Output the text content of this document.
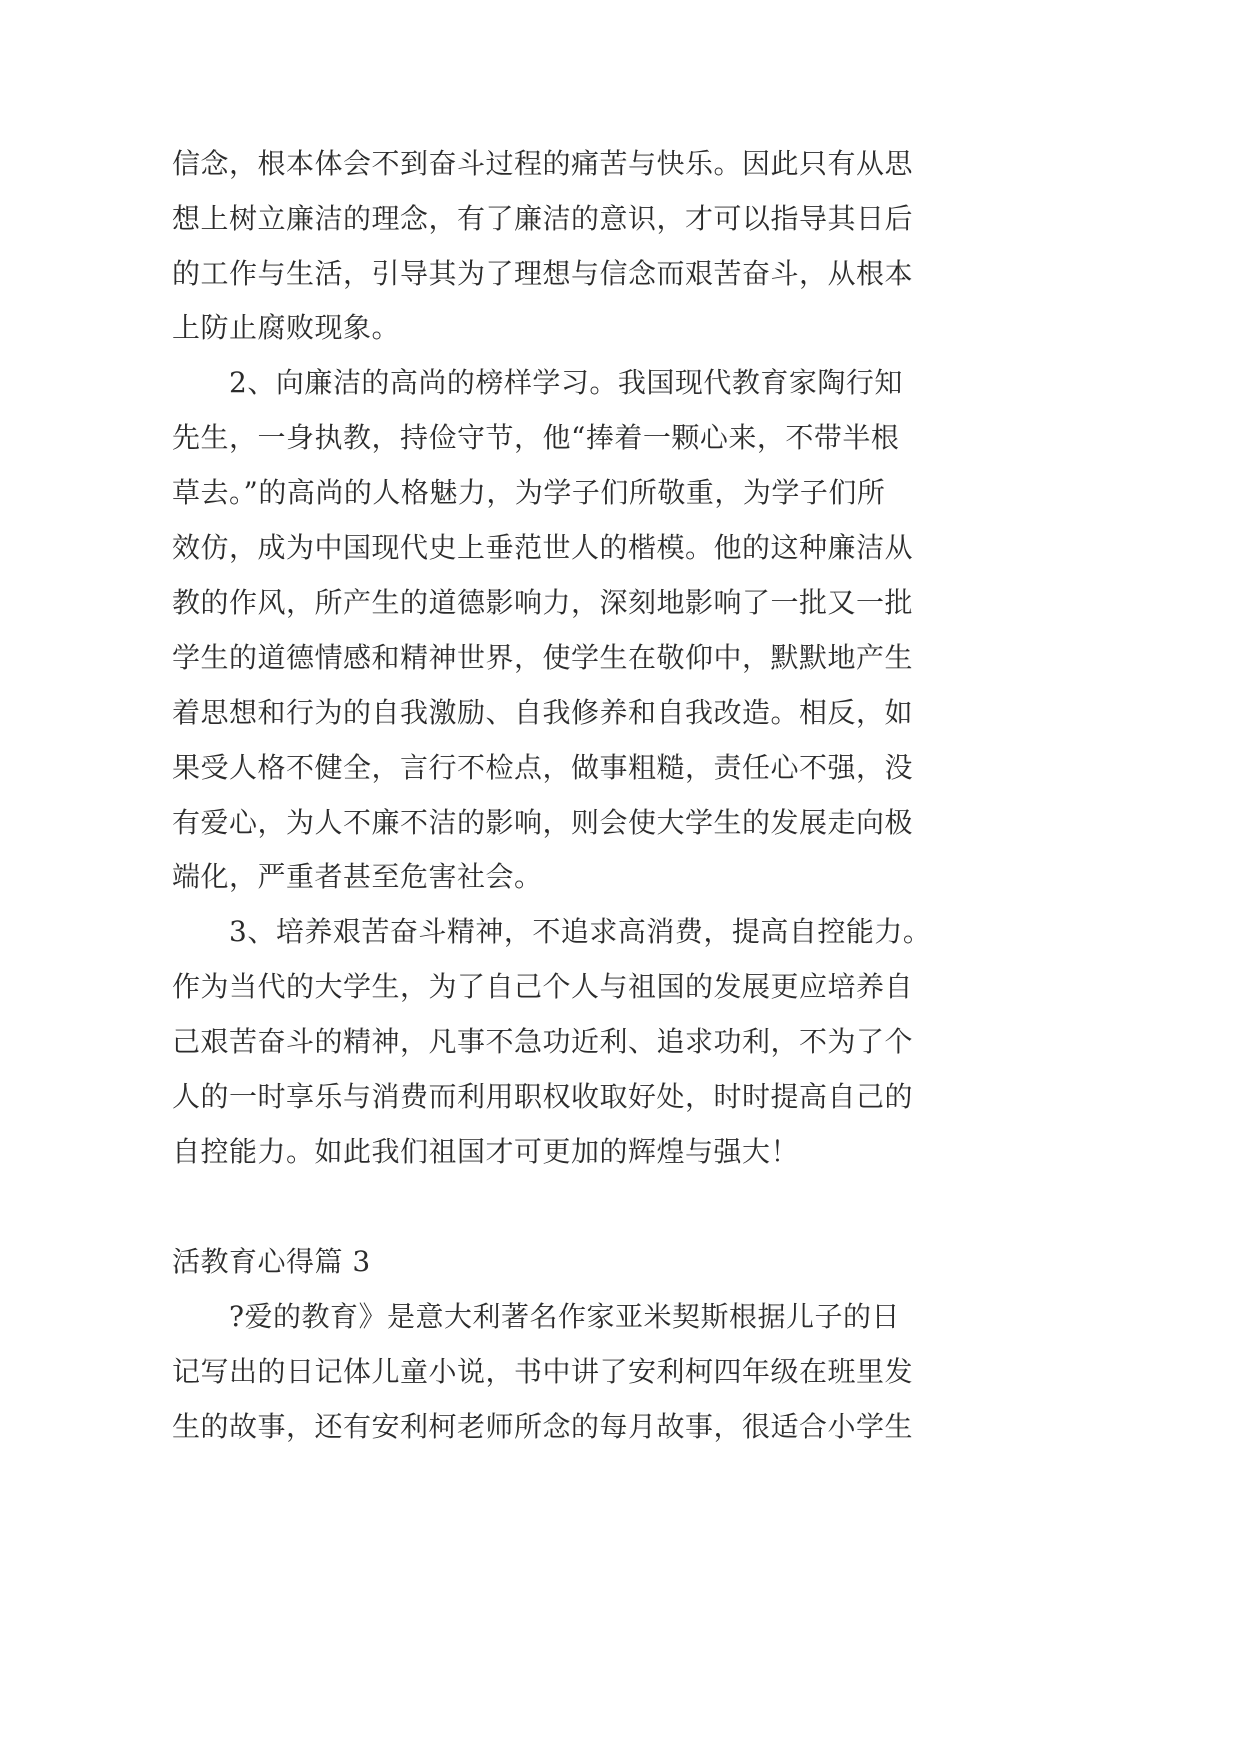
信念，根本体会不到奋斗过程的痛苦与快乐。因此只有从思
想上树立廉洁的理念，有了廉洁的意识，才可以指导其日后
的工作与生活，引导其为了理想与信念而艰苦奋斗，从根本
上防止腐败现象。
2、向廉洁的高尚的榜样学习。我国现代教育家陶行知
先生，一身执教，持俭守节，他“捧着一颗心来，不带半根
草去。”的高尚的人格魅力，为学子们所敬重，为学子们所
效仿，成为中国现代史上垂范世人的楷模。他的这种廉洁从
教的作风，所产生的道德影响力，深刻地影响了一批又一批
学生的道德情感和精神世界，使学生在敬仰中，默默地产生
着思想和行为的自我激励、自我修养和自我改造。相反，如
果受人格不健全，言行不检点，做事粗糙，责任心不强，没
有爱心，为人不廉不洁的影响，则会使大学生的发展走向极
端化，严重者甚至危害社会。
3、培养艰苦奋斗精神，不追求高消费，提高自控能力。
作为当代的大学生，为了自己个人与祖国的发展更应培养自
己艰苦奋斗的精神，凡事不急功近利、追求功利，不为了个
人的一时享乐与消费而利用职权收取好处，时时提高自己的
自控能力。如此我们祖国才可更加的辉煌与强大！
活教育心得篇 3
?爱的教育》是意大利著名作家亚米契斯根据儿子的日
记写出的日记体儿童小说，书中讲了安利柯四年级在班里发
生的故事，还有安利柯老师所念的每月故事，很适合小学生
